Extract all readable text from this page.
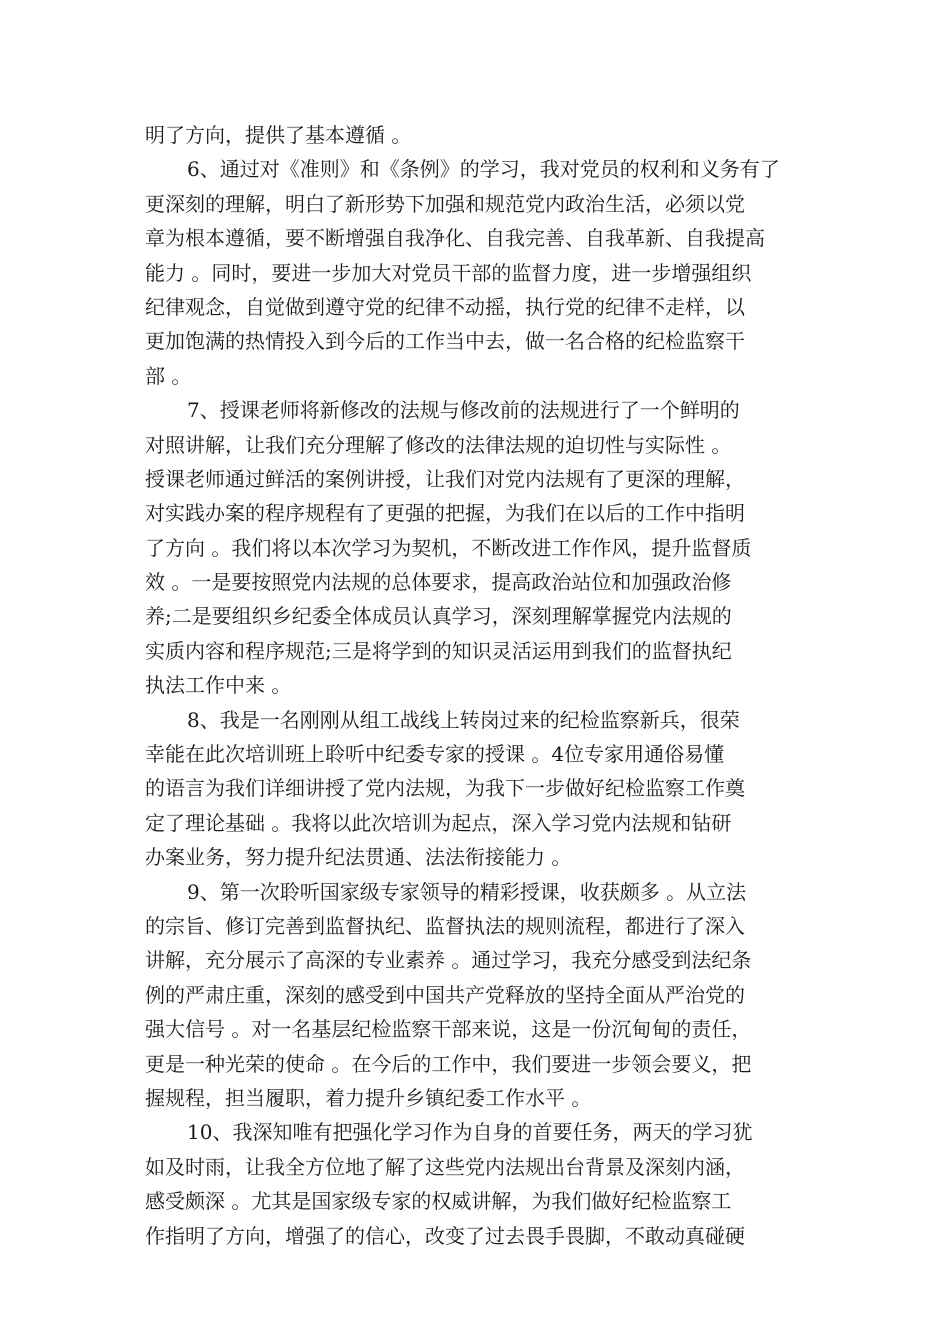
明了方向，提供了基本遵循 。
6、通过对《准则》和《条例》的学习，我对党员的权利和义务有了
更深刻的理解，明白了新形势下加强和规范党内政治生活，必须以党
章为根本遵循，要不断增强自我净化、自我完善、自我革新、自我提高
能力 。同时，要进一步加大对党员干部的监督力度，进一步增强组织
纪律观念，自觉做到遵守党的纪律不动摇，执行党的纪律不走样，以
更加饱满的热情投入到今后的工作当中去，做一名合格的纪检监察干
部 。
7、授课老师将新修改的法规与修改前的法规进行了一个鲜明的
对照讲解，让我们充分理解了修改的法律法规的迫切性与实际性 。
授课老师通过鲜活的案例讲授，让我们对党内法规有了更深的理解，
对实践办案的程序规程有了更强的把握，为我们在以后的工作中指明
了方向 。我们将以本次学习为契机，不断改进工作作风，提升监督质
效 。一是要按照党内法规的总体要求，提高政治站位和加强政治修
养;二是要组织乡纪委全体成员认真学习，深刻理解掌握党内法规的
实质内容和程序规范;三是将学到的知识灵活运用到我们的监督执纪
执法工作中来 。
8、我是一名刚刚从组工战线上转岗过来的纪检监察新兵，很荣
幸能在此次培训班上聆听中纪委专家的授课 。4位专家用通俗易懂
的语言为我们详细讲授了党内法规，为我下一步做好纪检监察工作奠
定了理论基础 。我将以此次培训为起点，深入学习党内法规和钻研
办案业务，努力提升纪法贯通、法法衔接能力 。
9、第一次聆听国家级专家领导的精彩授课，收获颇多 。从立法
的宗旨、修订完善到监督执纪、监督执法的规则流程，都进行了深入
讲解，充分展示了高深的专业素养 。通过学习，我充分感受到法纪条
例的严肃庄重，深刻的感受到中国共产党释放的坚持全面从严治党的
强大信号 。对一名基层纪检监察干部来说，这是一份沉甸甸的责任，
更是一种光荣的使命 。在今后的工作中，我们要进一步领会要义，把
握规程，担当履职，着力提升乡镇纪委工作水平 。
10、我深知唯有把强化学习作为自身的首要任务，两天的学习犹
如及时雨，让我全方位地了解了这些党内法规出台背景及深刻内涵，
感受颇深 。尤其是国家级专家的权威讲解，为我们做好纪检监察工
作指明了方向，增强了的信心，改变了过去畏手畏脚，不敢动真碰硬
